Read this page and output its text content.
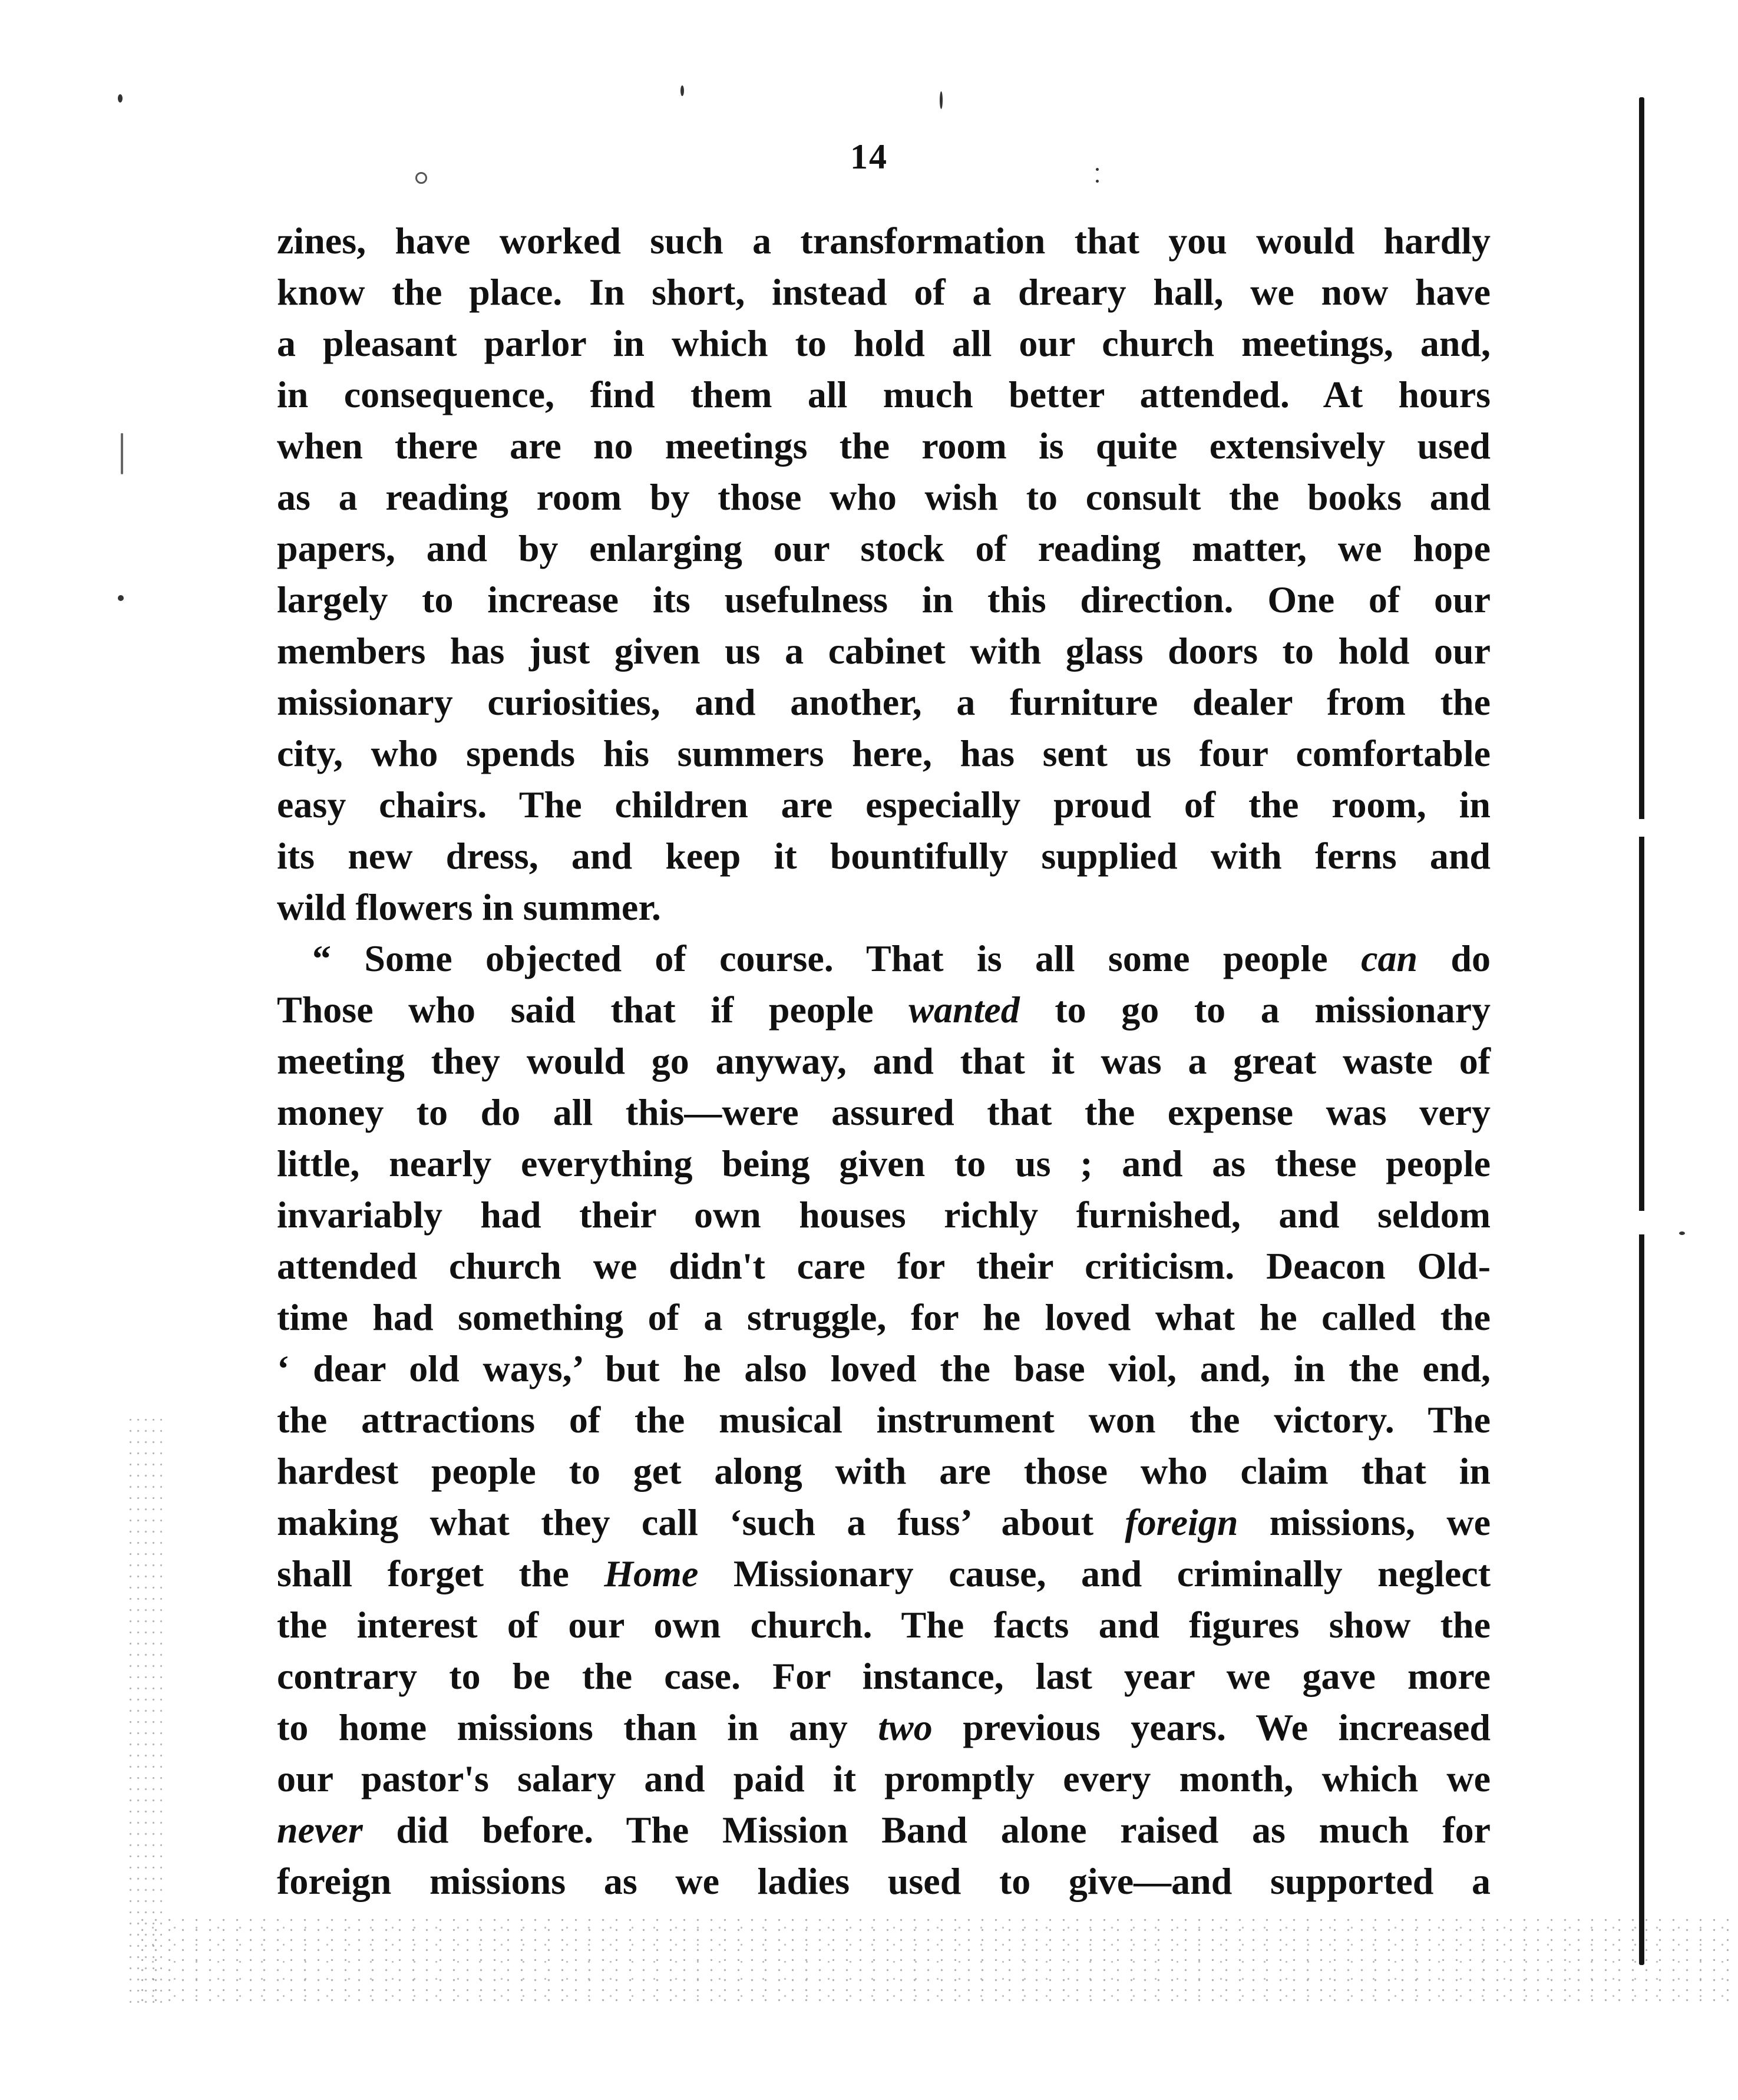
14
zines, have worked such a transformation that you would hardly
know the place. In short, instead of a dreary hall, we now have
a pleasant parlor in which to hold all our church meetings, and,
in consequence, find them all much better attended. At hours
when there are no meetings the room is quite extensively used
as a reading room by those who wish to consult the books and
papers, and by enlarging our stock of reading matter, we hope
largely to increase its usefulness in this direction. One of our
members has just given us a cabinet with glass doors to hold our
missionary curiosities, and another, a furniture dealer from the
city, who spends his summers here, has sent us four comfortable
easy chairs. The children are especially proud of the room, in
its new dress, and keep it bountifully supplied with ferns and
wild flowers in summer.
“ Some objected of course. That is all some people can do
Those who said that if people wanted to go to a missionary
meeting they would go anyway, and that it was a great waste of
money to do all this—were assured that the expense was very
little, nearly everything being given to us ; and as these people
invariably had their own houses richly furnished, and seldom
attended church we didn't care for their criticism. Deacon Old-
time had something of a struggle, for he loved what he called the
‘ dear old ways,’ but he also loved the base viol, and, in the end,
the attractions of the musical instrument won the victory. The
hardest people to get along with are those who claim that in
making what they call ‘such a fuss’ about foreign missions, we
shall forget the Home Missionary cause, and criminally neglect
the interest of our own church. The facts and figures show the
contrary to be the case. For instance, last year we gave more
to home missions than in any two previous years. We increased
our pastor's salary and paid it promptly every month, which we
never did before. The Mission Band alone raised as much for
foreign missions as we ladies used to give—and supported a
